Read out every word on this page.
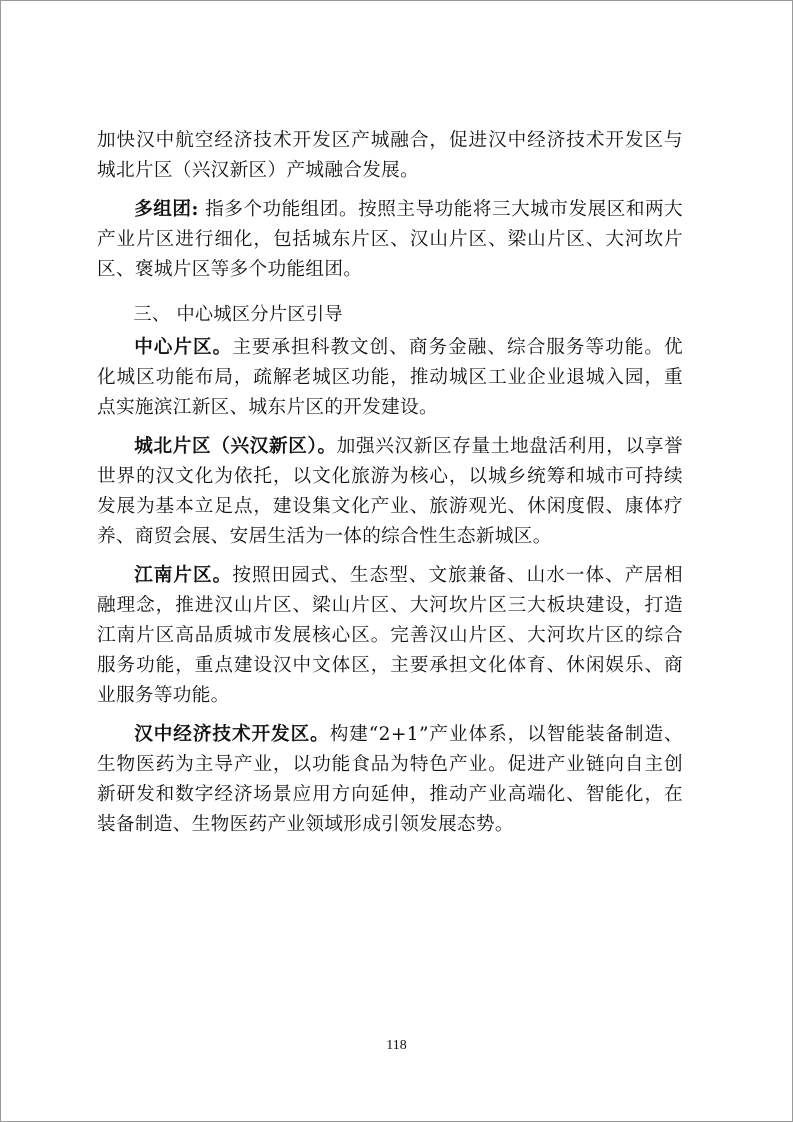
加快汉中航空经济技术开发区产城融合，促进汉中经济技术开发区与城北片区（兴汉新区）产城融合发展。

多组团: 指多个功能组团。按照主导功能将三大城市发展区和两大产业片区进行细化，包括城东片区、汉山片区、梁山片区、大河坎片区、褒城片区等多个功能组团。

三、 中心城区分片区引导

中心片区。主要承担科教文创、商务金融、综合服务等功能。优化城区功能布局，疏解老城区功能，推动城区工业企业退城入园，重点实施滨江新区、城东片区的开发建设。

城北片区（兴汉新区）。加强兴汉新区存量土地盘活利用，以享誉世界的汉文化为依托，以文化旅游为核心，以城乡统筹和城市可持续发展为基本立足点，建设集文化产业、旅游观光、休闲度假、康体疗养、商贸会展、安居生活为一体的综合性生态新城区。

江南片区。按照田园式、生态型、文旅兼备、山水一体、产居相融理念，推进汉山片区、梁山片区、大河坎片区三大板块建设，打造江南片区高品质城市发展核心区。完善汉山片区、大河坎片区的综合服务功能，重点建设汉中文体区，主要承担文化体育、休闲娱乐、商业服务等功能。

汉中经济技术开发区。构建“2+1”产业体系，以智能装备制造、生物医药为主导产业，以功能食品为特色产业。促进产业链向自主创新研发和数字经济场景应用方向延伸，推动产业高端化、智能化，在装备制造、生物医药产业领域形成引领发展态势。

118
